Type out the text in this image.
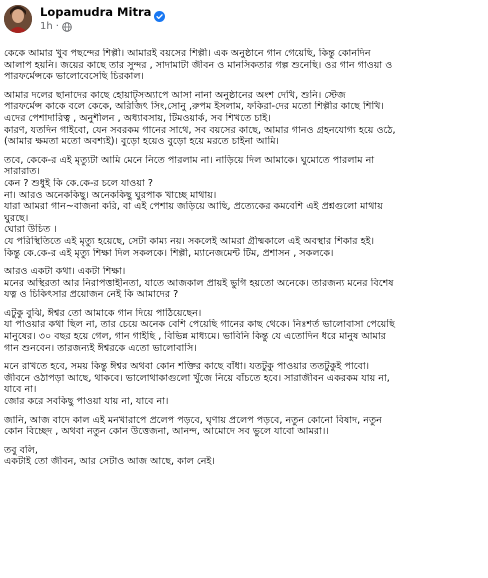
Lopamudra Mitra
1h ·
কেকে আমার খুব পছন্দের শিল্পী। আমারই বয়সের শিল্পী। এক অনুষ্ঠানে গান গেয়েছি, কিন্তু কোনদিন
আলাপ হয়নি। জয়ের কাছে তার সুন্দর , সাদামাটা জীবন ও মানসিকতার গল্প শুনেছি। ওর গান গাওয়া ও
পারফর্মেন্সকে ভালোবেসেছি চিরকাল।
আমার দলের ছানাদের কাছে হোয়াট্‌সঅ্যাপে আসা নানা অনুষ্ঠানের অংশ দেখি, শুনি। স্টেজ
পারফর্মেন্স কাকে বলে কেকে, অরিজিৎ সিং,সোনু ,রুপম ইসলাম, ফকিরা-দের মতো শিল্পীর কাছে শিখি।
এদের পেশাদারিত্ব , অনুশীলন , অধ্যাবসায়, টিমওয়ার্ক, সব শিখতে চাই।
কারণ, যতদিন গাইবো, যেন সবরকম গানের সাথে, সব বয়সের কাছে, আমার গানও গ্রহনযোগ্য হয়ে ওঠে,
(আমার ক্ষমতা মতো অবশ্যই)। বুড়ো হয়েও বুড়ো হয়ে মরতে চাইনা আমি।
তবে, কেকে-র এই মৃত্যুটা আমি মেনে নিতে পারলাম না। নাড়িয়ে দিল আমাকে। ঘুমোতে পারলাম না
সারারাত।
কেন ? শুধুই কি কে.কে-র চলে যাওয়া ?
না। আরও অনেককিছু। অনেককিছু ঘুরপাক খাচ্ছে মাথায়।
যারা আমরা গান~বাজনা করি, বা এই পেশায় জড়িয়ে আছি, প্রত্যেকের কমবেশি এই প্রশ্নগুলো মাথায়
ঘুরছে।
ঘোরা উচিত ।
যে পরিস্থিতিতে এই মৃত্যু হয়েছে, সেটা কাম্য নয়। সকলেই আমরা গ্রীষ্মকালে এই অবস্থার শিকার হই।
কিন্তু কে.কে-র এই মৃত্যু শিক্ষা দিল সকলকে। শিল্পী, ম্যানেজমেন্ট টিম, প্রশাসন , সকলকে।
আরও একটা কথা। একটা শিক্ষা।
মনের অস্থিরতা আর নিরাপত্তাহীনতা, যাতে আজকাল প্রায়ই ভুগি হয়তো অনেকে। তারজন্য মনের বিশেষ
যত্ন ও চিকিৎসার প্রয়োজন নেই কি আমাদের ?
এটুকু বুঝি, ঈশ্বর তো আমাকে গান দিয়ে পাঠিয়েছেন।
যা পাওয়ার কথা ছিল না, তার চেয়ে অনেক বেশি পেয়েছি গানের কাছ থেকে। নিঃশর্ত ভালোবাসা পেয়েছি
মানুষের। ৩০ বছর হয়ে গেল, গান গাইছি , বিভিন্ন মাধ্যমে। ভাবিনি কিন্তু যে এতোদিন ধরে মানুষ আমার
গান শুনবেন। তারজন্যই ঈশ্বরকে এতো ভালোবাসি।
মনে রাখতে হবে, সময় কিন্তু ঈশ্বর অথবা কোন শক্তির কাছে বাঁধা। যতটুকু পাওয়ার ততটুকুই পাবো।
জীবনে ওঠাপড়া আছে, থাকবে। ভালোথাকাগুলো খুঁজে নিয়ে বাঁচতে হবে। সারাজীবন একরকম যায় না,
যাবে না।
জোর করে সবকিছু পাওয়া যায় না, যাবে না।
জানি, আজ বাদে কাল এই মনখারাপে প্রলেপ পড়বে, ঘৃণায় প্রলেপ পড়বে, নতুন কোনো বিষাদ, নতুন
কোন বিচ্ছেদ , অথবা নতুন কোন উত্তেজনা, আনন্দ, আমোদে সব ভুলে যাবো আমরা।।
তবু বলি,
একটাই তো জীবন, আর সেটাও আজ আছে, কাল নেই।
